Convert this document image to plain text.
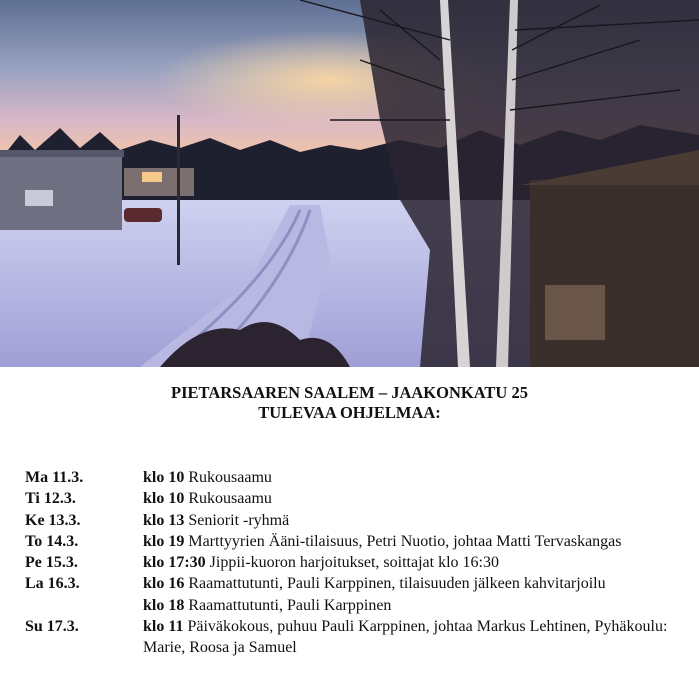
PIETARSAAREN SAALEM – JAAKONKATU 25
TULEVAA OHJELMAA:
Ma 11.3.	klo 10 Rukousaamu
Ti 12.3.	klo 10 Rukousaamu
Ke 13.3.	klo 13 Seniorit -ryhmä
To 14.3.	klo 19 Marttyyrien Ääni-tilaisuus, Petri Nuotio, johtaa Matti Tervaskangas
Pe 15.3.	klo 17:30 Jippii-kuoron harjoitukset, soittajat klo 16:30
La 16.3.	klo 16 Raamattutunti, Pauli Karppinen, tilaisuuden jälkeen kahvitarjoilu
klo 18 Raamattutunti, Pauli Karppinen
Su 17.3.	klo 11 Päiväkokous, puhuu Pauli Karppinen, johtaa Markus Lehtinen, Pyhäkoulu: Marie, Roosa ja Samuel
